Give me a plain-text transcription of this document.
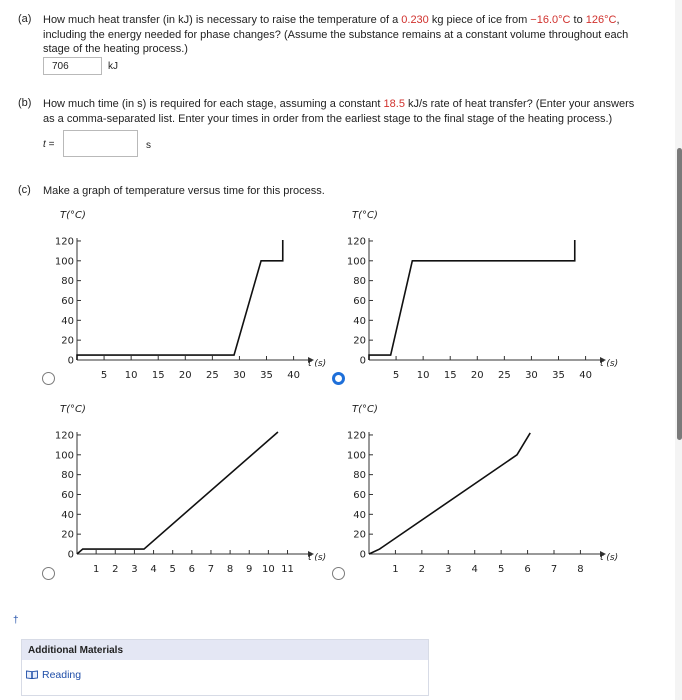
(a) How much heat transfer (in kJ) is necessary to raise the temperature of a 0.230 kg piece of ice from −16.0°C to 126°C,
including the energy needed for phase changes? (Assume the substance remains at a constant volume throughout each
stage of the heating process.)
706	kJ
(b) How much time (in s) is required for each stage, assuming a constant 18.5 kJ/s rate of heat transfer? (Enter your answers
as a comma-separated list. Enter your times in order from the earliest stage to the final stage of the heating process.)
t =	s
(c) Make a graph of temperature versus time for this process.
T(°C)
0
20
40
60
80
100
120
5 10 15 20 25 30 35 40
t (s)
T(°C)
0
20
40
60
80
100
120
5 10 15 20 25 30 35 40
t (s)
T(°C)
0
20
40
60
80
100
120
1 2 3 4 5 6 7 8 9 10 11
t (s)
T(°C)
0
20
40
60
80
100
120
1 2 3 4 5 6 7 8
t (s)
†
Additional Materials
Reading
